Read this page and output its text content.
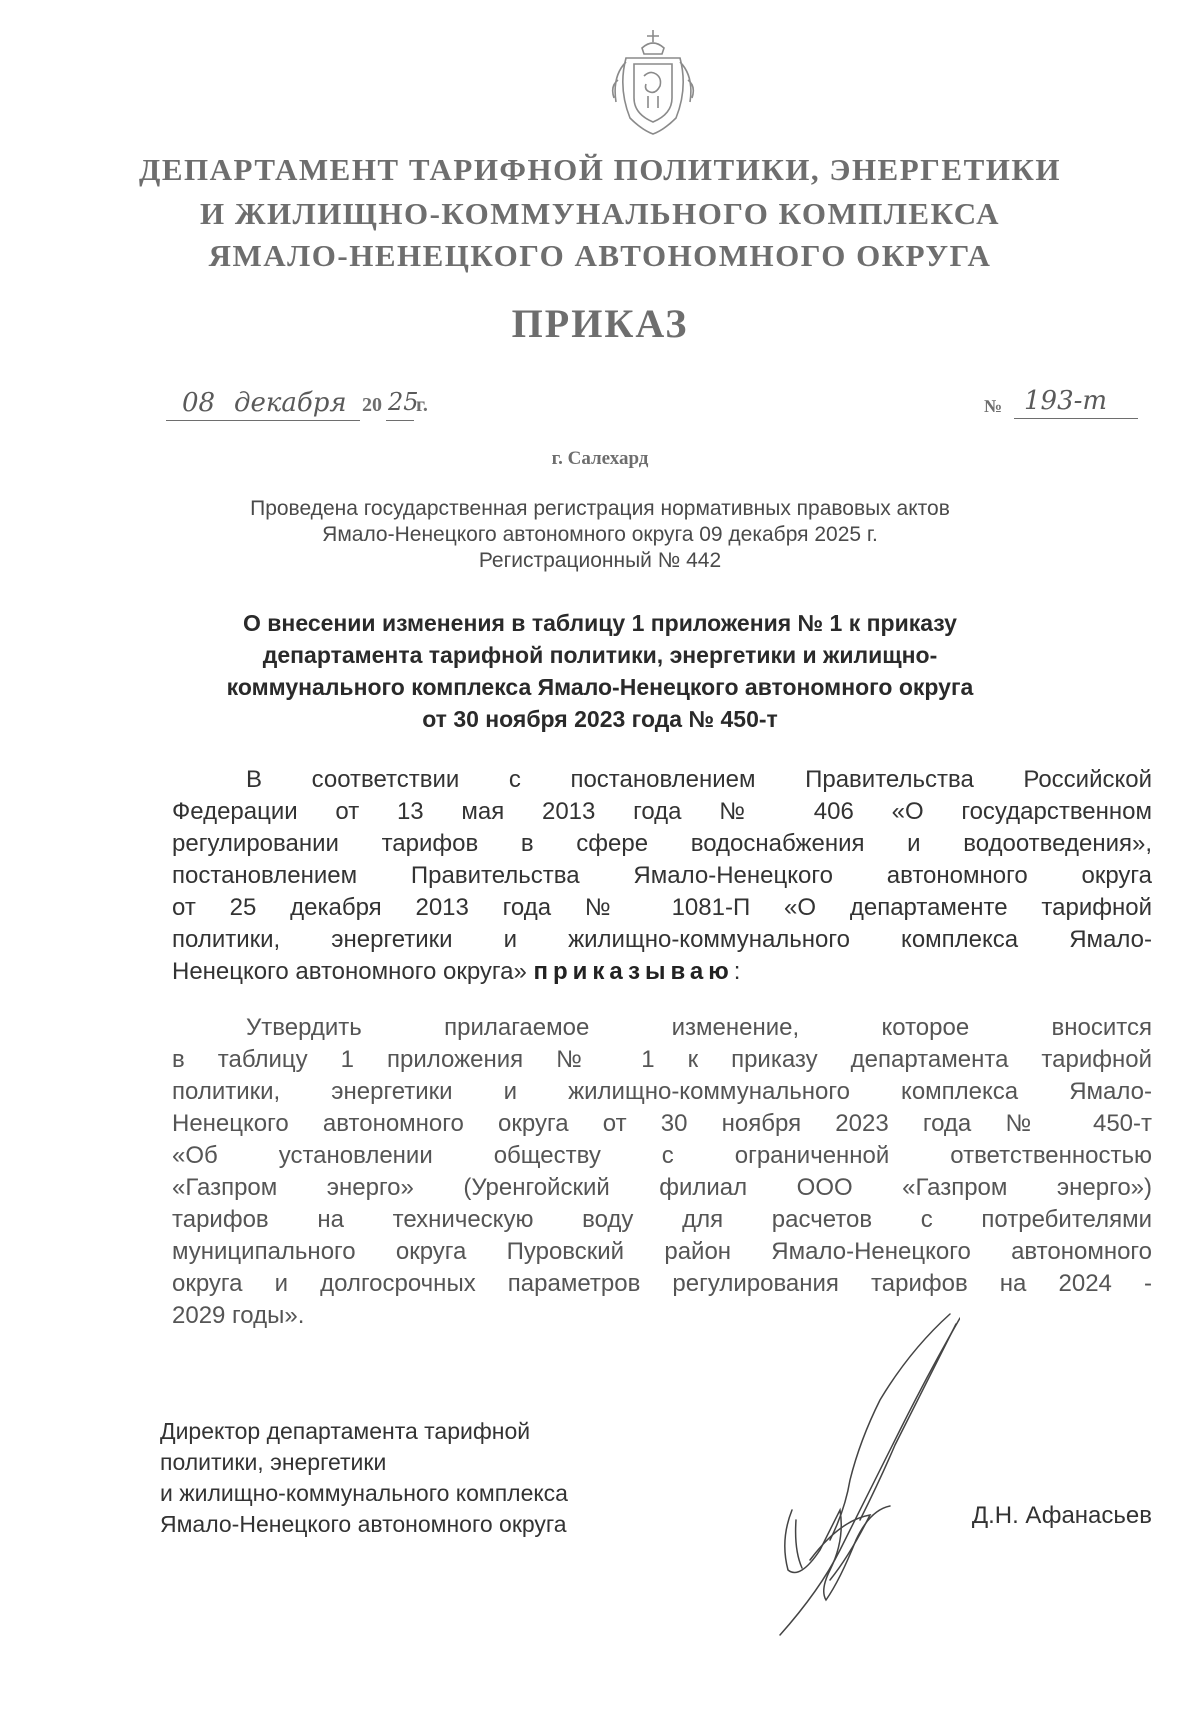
ДЕПАРТАМЕНТ ТАРИФНОЙ ПОЛИТИКИ, ЭНЕРГЕТИКИ
И ЖИЛИЩНО-КОММУНАЛЬНОГО КОМПЛЕКСА
ЯМАЛО-НЕНЕЦКОГО АВТОНОМНОГО ОКРУГА
ПРИКАЗ
08 декабря 20 25
г.	№ 193-т
г. Салехард
Проведена государственная регистрация нормативных правовых актов
Ямало-Ненецкого автономного округа 09 декабря 2025 г.
Регистрационный № 442
О внесении изменения в таблицу 1 приложения № 1 к приказу
департамента тарифной политики, энергетики и жилищно-
коммунального комплекса Ямало-Ненецкого автономного округа
от 30 ноября 2023 года № 450-т
В соответствии с постановлением Правительства Российской
Федерации от 13 мая 2013 года № 406 «О государственном
регулировании тарифов в сфере водоснабжения и водоотведения»,
постановлением Правительства Ямало-Ненецкого автономного округа
от 25 декабря 2013 года № 1081-П «О департаменте тарифной
политики, энергетики и жилищно-коммунального комплекса Ямало-
Ненецкого автономного округа» приказываю:
Утвердить прилагаемое изменение, которое вносится
в таблицу 1 приложения № 1 к приказу департамента тарифной
политики, энергетики и жилищно-коммунального комплекса Ямало-
Ненецкого автономного округа от 30 ноября 2023 года № 450-т
«Об установлении обществу с ограниченной ответственностью
«Газпром энерго» (Уренгойский филиал ООО «Газпром энерго»)
тарифов на техническую воду для расчетов с потребителями
муниципального округа Пуровский район Ямало-Ненецкого автономного
округа и долгосрочных параметров регулирования тарифов на 2024 -
2029 годы».
Директор департамента тарифной
политики, энергетики
и жилищно-коммунального комплекса
Ямало-Ненецкого автономного округа	Д.Н. Афанасьев
